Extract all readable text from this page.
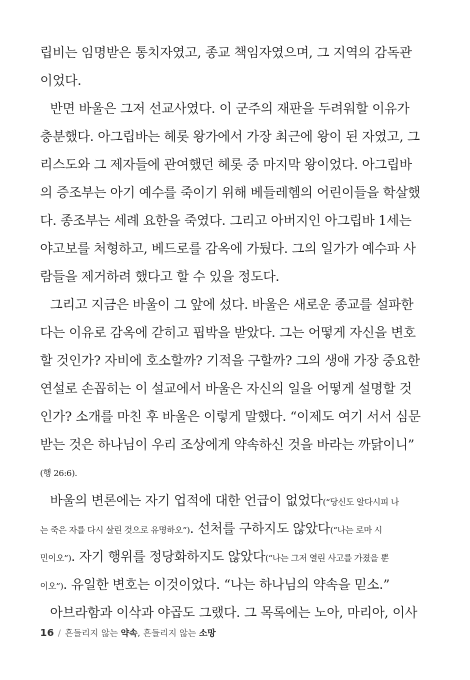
립비는 임명받은 통치자였고, 종교 책임자였으며, 그 지역의 감독관
이었다.
반면 바울은 그저 선교사였다. 이 군주의 재판을 두려워할 이유가
충분했다. 아그립바는 헤롯 왕가에서 가장 최근에 왕이 된 자였고, 그
리스도와 그 제자들에 관여했던 헤롯 중 마지막 왕이었다. 아그립바
의 증조부는 아기 예수를 죽이기 위해 베들레헴의 어린이들을 학살했
다. 종조부는 세례 요한을 죽였다. 그리고 아버지인 아그립바 1세는
야고보를 처형하고, 베드로를 감옥에 가뒀다. 그의 일가가 예수파 사
람들을 제거하려 했다고 할 수 있을 정도다.
그리고 지금은 바울이 그 앞에 섰다. 바울은 새로운 종교를 설파한
다는 이유로 감옥에 갇히고 핍박을 받았다. 그는 어떻게 자신을 변호
할 것인가? 자비에 호소할까? 기적을 구할까? 그의 생애 가장 중요한
연설로 손꼽히는 이 설교에서 바울은 자신의 일을 어떻게 설명할 것
인가? 소개를 마친 후 바울은 이렇게 말했다. “이제도 여기 서서 심문
받는 것은 하나님이 우리 조상에게 약속하신 것을 바라는 까닭이니”
(행 26:6).
바울의 변론에는 자기 업적에 대한 언급이 없었다(“당신도 알다시피 나
는 죽은 자를 다시 살린 것으로 유명하오”). 선처를 구하지도 않았다(“나는 로마 시
민이오”). 자기 행위를 정당화하지도 않았다(“나는 그저 열린 사고를 가졌을 뿐
이오”). 유일한 변호는 이것이었다. “나는 하나님의 약속을 믿소.”
아브라함과 이삭과 야곱도 그랬다. 그 목록에는 노아, 마리아, 이사
16 / 흔들리지 않는 약속, 흔들리지 않는 소망
